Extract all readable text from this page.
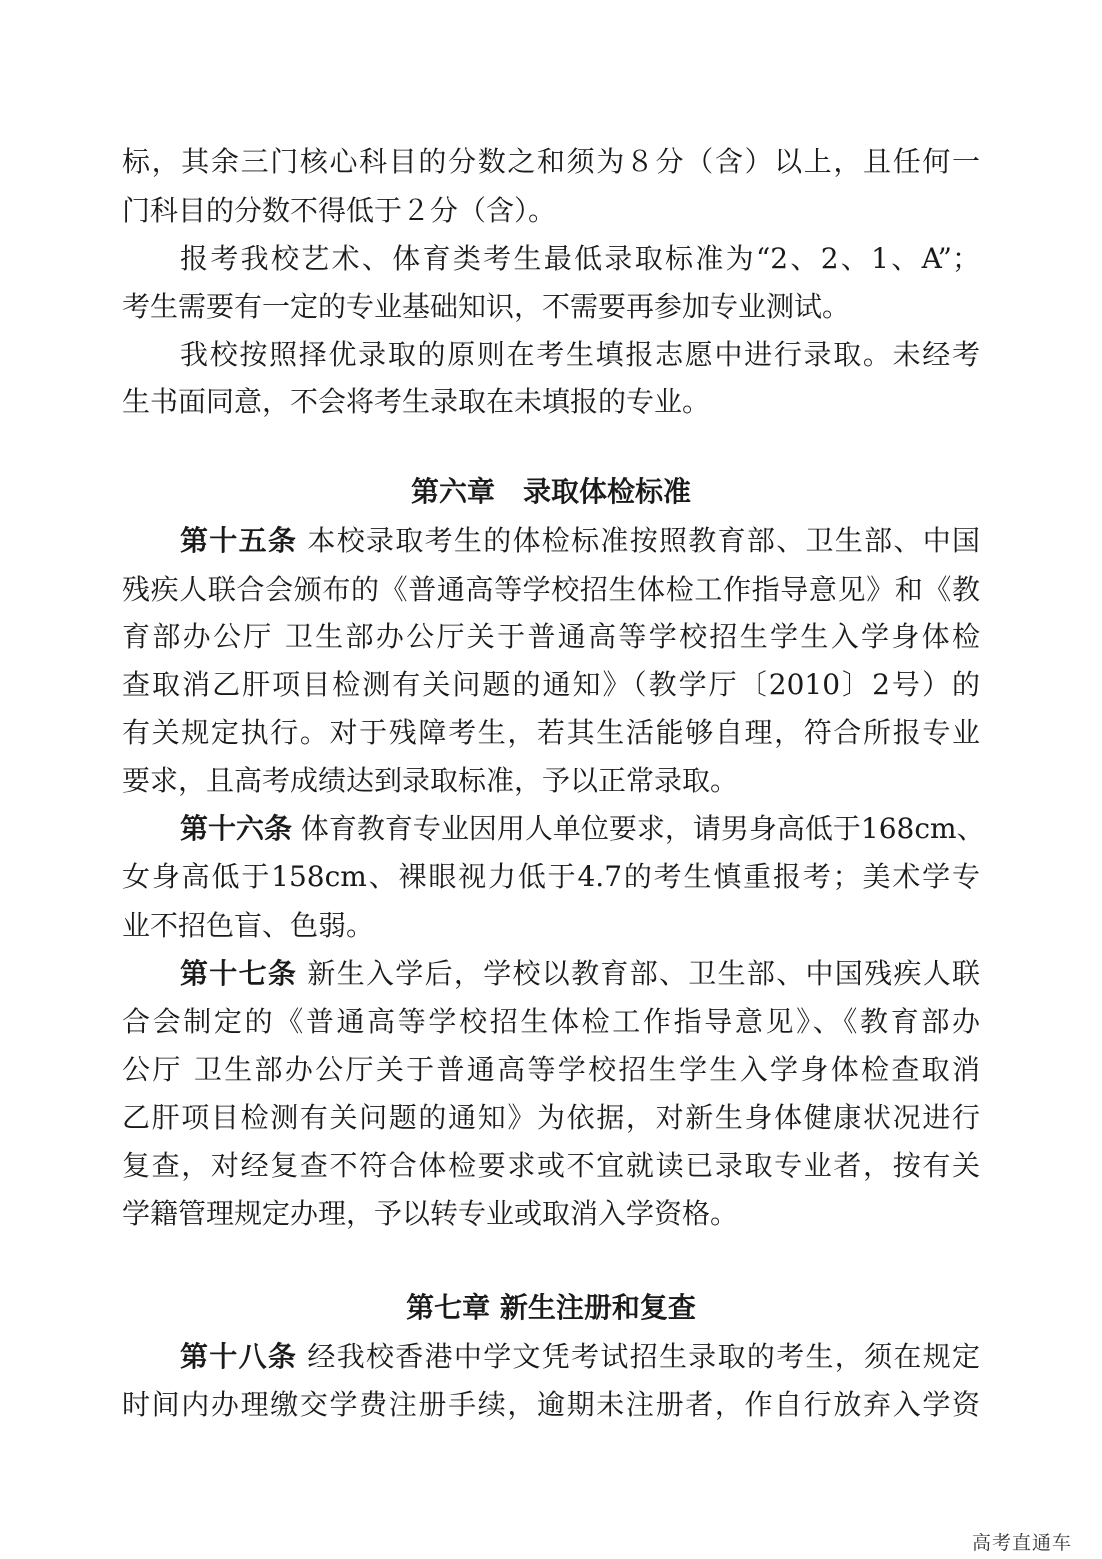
标，其余三门核心科目的分数之和须为８分（含）以上，且任何一
门科目的分数不得低于２分（含）。
报考我校艺术、体育类考生最低录取标准为“2、2、1、A”；
考生需要有一定的专业基础知识，不需要再参加专业测试。
我校按照择优录取的原则在考生填报志愿中进行录取。未经考
生书面同意，不会将考生录取在未填报的专业。
第六章　录取体检标准
第十五条 本校录取考生的体检标准按照教育部、卫生部、中国
残疾人联合会颁布的《普通高等学校招生体检工作指导意见》和《教
育部办公厅 卫生部办公厅关于普通高等学校招生学生入学身体检
查取消乙肝项目检测有关问题的通知》（教学厅〔2010〕2号）的
有关规定执行。对于残障考生，若其生活能够自理，符合所报专业
要求，且高考成绩达到录取标准，予以正常录取。
第十六条 体育教育专业因用人单位要求，请男身高低于168cm、
女身高低于158cm、裸眼视力低于4.7的考生慎重报考；美术学专
业不招色盲、色弱。
第十七条 新生入学后，学校以教育部、卫生部、中国残疾人联
合会制定的《普通高等学校招生体检工作指导意见》、《教育部办
公厅 卫生部办公厅关于普通高等学校招生学生入学身体检查取消
乙肝项目检测有关问题的通知》为依据，对新生身体健康状况进行
复查，对经复查不符合体检要求或不宜就读已录取专业者，按有关
学籍管理规定办理，予以转专业或取消入学资格。
第七章 新生注册和复查
第十八条 经我校香港中学文凭考试招生录取的考生，须在规定
时间内办理缴交学费注册手续，逾期未注册者，作自行放弃入学资
高考直通车
